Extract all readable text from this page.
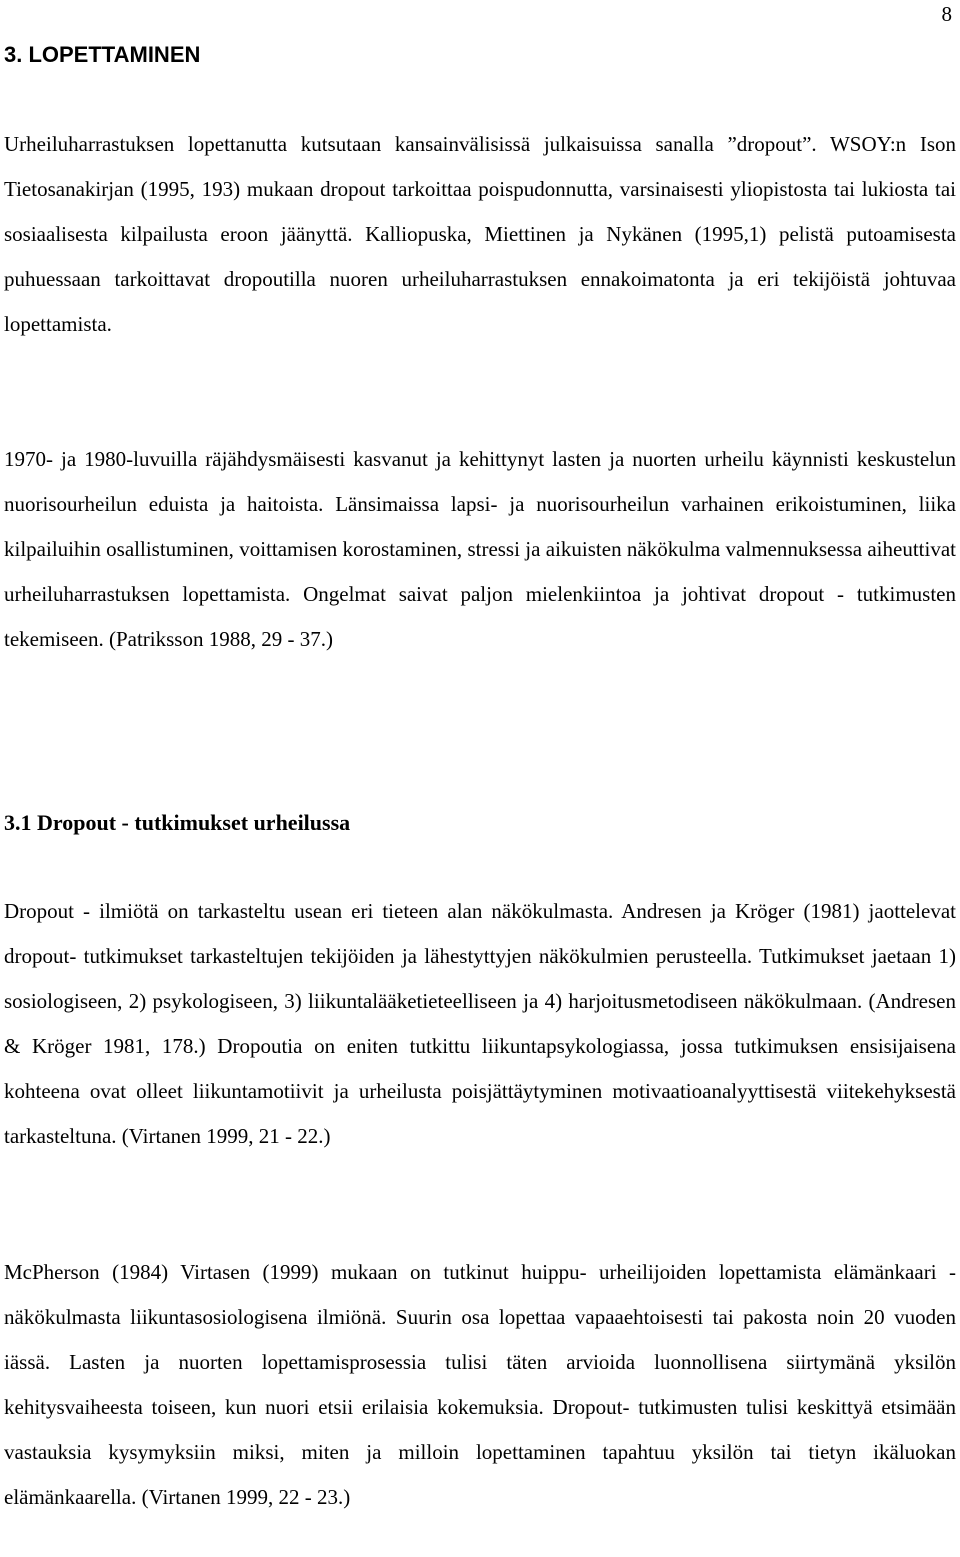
8
3. LOPETTAMINEN

Urheiluharrastuksen lopettanutta kutsutaan kansainvälisissä julkaisuissa sanalla ”dropout”. WSOY:n Ison Tietosanakirjan (1995, 193) mukaan dropout tarkoittaa poispudonnutta, varsinaisesti yliopistosta tai lukiosta tai sosiaalisesta kilpailusta eroon jäänyttä. Kalliopuska, Miettinen ja Nykänen (1995,1) pelistä putoamisesta puhuessaan tarkoittavat dropoutilla nuoren urheiluharrastuksen ennakoimatonta ja eri tekijöistä johtuvaa lopettamista.

1970- ja 1980-luvuilla räjähdysmäisesti kasvanut ja kehittynyt lasten ja nuorten urheilu käynnisti keskustelun nuorisourheilun eduista ja haitoista. Länsimaissa lapsi- ja nuorisourheilun varhainen erikoistuminen, liika kilpailuihin osallistuminen, voittamisen korostaminen, stressi ja aikuisten näkökulma valmennuksessa aiheuttivat urheiluharrastuksen lopettamista. Ongelmat saivat paljon mielenkiintoa ja johtivat dropout - tutkimusten tekemiseen. (Patriksson 1988, 29 - 37.)

3.1 Dropout - tutkimukset urheilussa

Dropout - ilmiötä on tarkasteltu usean eri tieteen alan näkökulmasta. Andresen ja Kröger (1981) jaottelevat dropout- tutkimukset tarkasteltujen tekijöiden ja lähestyttyjen näkökulmien perusteella. Tutkimukset jaetaan 1) sosiologiseen, 2) psykologiseen, 3) liikuntalääketieteelliseen ja 4) harjoitusmetodiseen näkökulmaan. (Andresen & Kröger 1981, 178.) Dropoutia on eniten tutkittu liikuntapsykologiassa, jossa tutkimuksen ensisijaisena kohteena ovat olleet liikuntamotiivit ja urheilusta poisjättäytyminen motivaatioanalyyttisestä viitekehyksestä tarkasteltuna. (Virtanen 1999, 21 - 22.)

McPherson (1984) Virtasen (1999) mukaan on tutkinut huippu- urheilijoiden lopettamista elämänkaari - näkökulmasta liikuntasosiologisena ilmiönä. Suurin osa lopettaa vapaaehtoisesti tai pakosta noin 20 vuoden iässä. Lasten ja nuorten lopettamisprosessia tulisi täten arvioida luonnollisena siirtymänä yksilön kehitysvaiheesta toiseen, kun nuori etsii erilaisia kokemuksia. Dropout- tutkimusten tulisi keskittyä etsimään vastauksia kysymyksiin miksi, miten ja milloin lopettaminen tapahtuu yksilön tai tietyn ikäluokan elämänkaarella. (Virtanen 1999, 22 - 23.)
